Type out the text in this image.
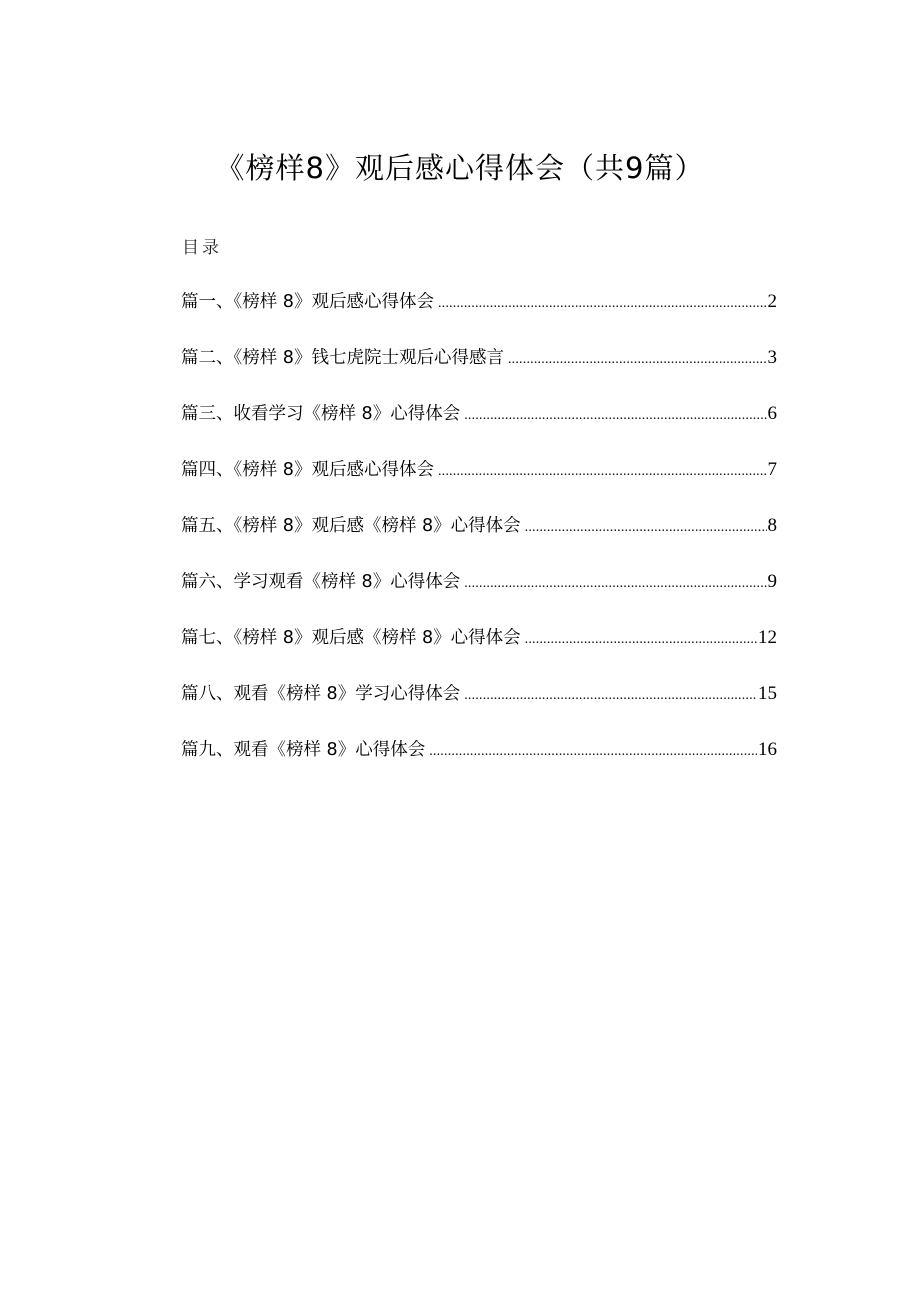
《榜样8》观后感心得体会（共9篇）
目录
篇一、《榜样 8》观后感心得体会 .....	2
篇二、《榜样 8》钱七虎院士观后心得感言 .....	3
篇三、收看学习《榜样 8》心得体会 .....	6
篇四、《榜样 8》观后感心得体会 .....	7
篇五、《榜样 8》观后感《榜样 8》心得体会 .....	8
篇六、学习观看《榜样 8》心得体会 .....	9
篇七、《榜样 8》观后感《榜样 8》心得体会 .....	12
篇八、观看《榜样 8》学习心得体会 .....	15
篇九、观看《榜样 8》心得体会 .....	16
